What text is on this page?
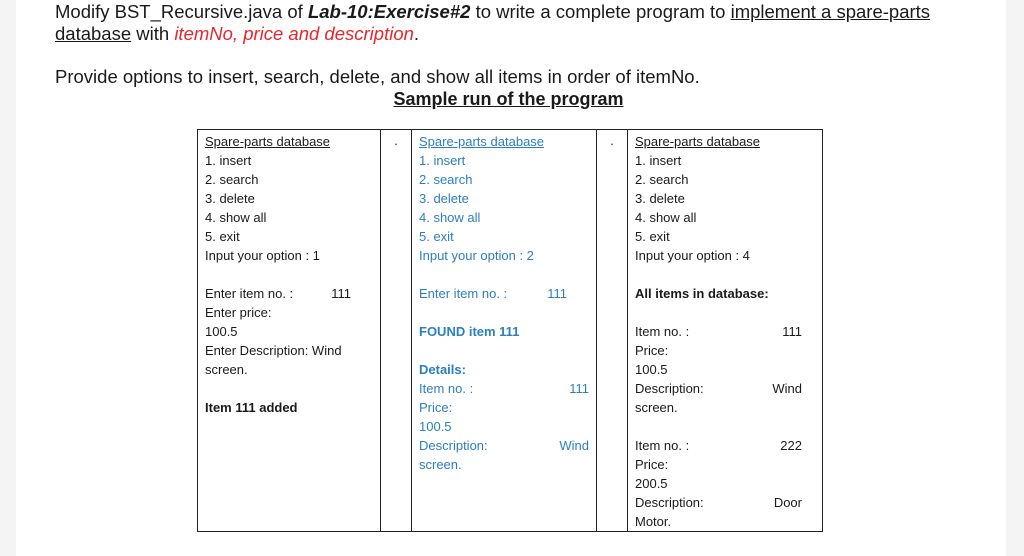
Modify BST_Recursive.java of Lab-10:Exercise#2 to write a complete program to implement a spare-parts
database with itemNo, price and description.
Provide options to insert, search, delete, and show all items in order of itemNo.
Sample run of the program
Spare-parts database
1. insert
2. search
3. delete
4. show all
5. exit
Input your option : 1
Enter item no. :	111
Enter price:
100.5
Enter Description: Wind
screen.
Item 111 added
	.	Spare-parts database
1. insert
2. search
3. delete
4. show all
5. exit
Input your option : 2
Enter item no. :	111
FOUND item 111
Details:
Item no. :	111
Price:
100.5
Description:	Wind
screen.
	.	Spare-parts database
1. insert
2. search
3. delete
4. show all
5. exit
Input your option : 4
All items in database:
Item no. :	111
Price:
100.5
Description:	Wind
screen.
Item no. :	222
Price:
200.5
Description:	Door
Motor.
